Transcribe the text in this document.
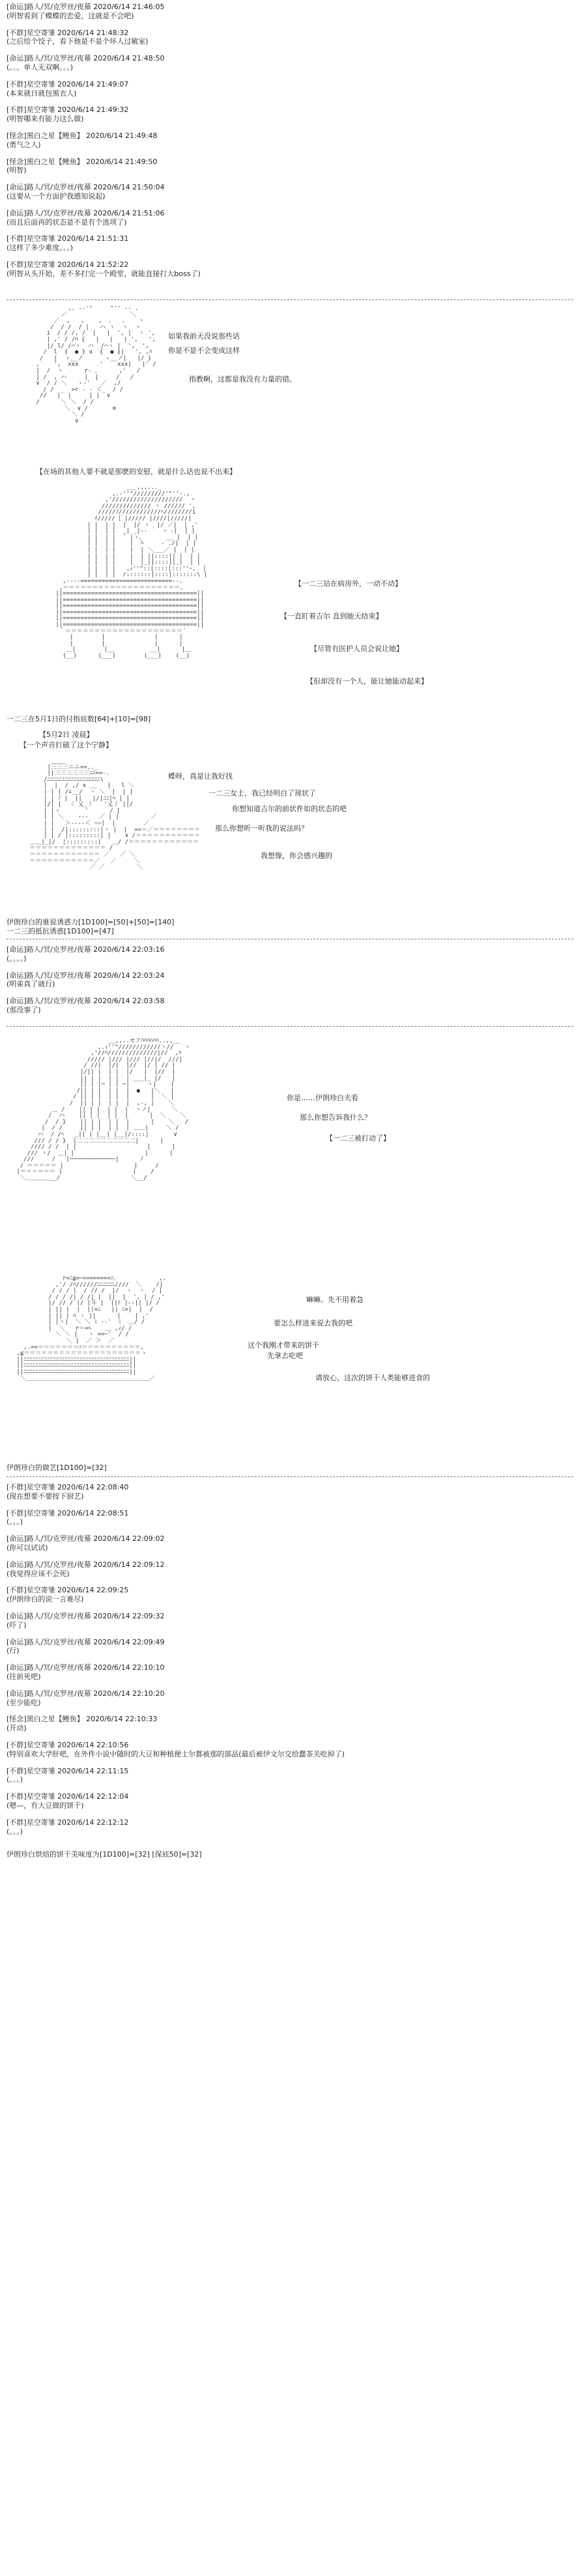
[命运]路人/冥/克罗丝/夜幕 2020/6/14 21:46:05
(明智看到了蝶蝶的恋爱，这就是不会吧)
[不群]星空寄雏 2020/6/14 21:48:32
(之后给个饺子，看下他是不是个坏人过敏室)
[命运]路人/冥/克罗丝/夜幕 2020/6/14 21:48:50
(。。。单人无双啊。。。)
[不群]星空寄雏 2020/6/14 21:49:07
(本来就日就包黑衣人)
[不群]星空寄雏 2020/6/14 21:49:32
(明智哪来有能力这么做)
[怪念]黑白之星【鲤鱼】 2020/6/14 21:49:48
(勇气之人)
[怪念]黑白之星【鲤鱼】 2020/6/14 21:49:50
(明智)
[命运]路人/冥/克罗丝/夜幕 2020/6/14 21:50:04
(这要从一个方面护我感知说起)
[命运]路人/冥/克罗丝/夜幕 2020/6/14 21:51:06
(而且后面再的状态是不是有个选项了)
[不群]星空寄雏 2020/6/14 21:51:31
(这样了多少难度。。。)
[不群]星空寄雏 2020/6/14 21:52:22
(明智从头开始，差不多打完一个殿堂，就能直接打大boss了)
,. -‐'"￣￣￣"'' ‐- .
／                  ＼
／  ,   ,    ,  、  、   ヽ
/  / /  / |   ハ ヽ  ヽ  ヽ
i  / / /, /  |   |  ', |  ヽ ',
| ,' / /ﾊ {   |   |   | ',   ',
|/ l/ /⌒ヽ  ハ  /⌒ヽ |  ',  ',
/  l  {  ● } ∨  {  ● }|   ', ,ﾊ
/   |  ゝ__ノ      ゝ__ノ|   |/ }
,    ',  xxx      '    xxx|   |' /
|  /  ヽ      r‐ ､      ,'   /
| /  , ハ     |  |     /   /
∨  / / ＼   ゝ-'   ／  ,/
/ /  _  >r ‐ ‐ ＜_  / /
//   |  |     | |  ∨
/      ＼ ＼  / /
＼  ∨ /       ≡
＼ /
∨
如果我前天没说那些话
你是不是不会变成这样
指教啊，这都是我没有力量的错。
【在场的其他人要不就是那麽的安慰，就是什么话也说不出来】
___,,,..._
,.-''"/////////'"''-.,
,'////////////////////  ヽ
////////////// ＾ ////// ',
/////ﾉ////////////ﾍ////////i
ｲ/////｛ |///// |////|/////|
| |  | |  |  |/ ヽ  |/ ／|  | ,'
| |  | |  _| _|-‐ ｀  ｰ ‐|  | |
| |  | |  ´ |ヽ、      __ |  | |
| |  | |    |  ﾊ     ‐ ./|  | |
| |  | |    |  | ＼___／ |  | |
| |  | |    |  | ||::::|| |  | |
| |  | |    |  |_||::::||_|  | |
| |  | |   ,ｨ''"::|::::|:::''ｰ,  |
| |  | |  /:::::::|::::|:::::::\ |
,----==========================--.
,＝＝＝＝＝＝＝＝＝＝＝＝＝＝＝＝＝＝＝＝、
||======================================||
||======================================||
||======================================||
||======================================||
||======================================||
||======================================||
｀＝＝＝＝＝＝＝＝＝＝＝＝＝＝＝＝＝＝＝＝´
|        |              |      |
|        |              |      |
＿|        |__          __|      |＿
(__)      (___)        (___)    (__)
【一二三站在病房外，一动不动】
【一直盯着吉尔 直到她天结束】
【尽管有医护人员会说让她】
【但却没有一个人，能让她能动起来】
一二三在5月1日的付指底数[64]+[10]=[98]
【5月2日 凌晨】
【一个声音打破了这个宁静】
____
|三三三ニニ==.._
||三三三三三三ﾆﾆ==-.
/ﾆﾆﾆﾆﾆﾆﾆﾆﾆﾆﾆﾆﾆﾆﾆﾆﾆﾆ\
|  |  / ,/ ∧ __   |   l ＼
| | | /∠__/  ヽ ＼  |  | |
| | ﾉ |  ||   |/|ﾆﾆ|ﾍ | |
|/| |  〈 乂_丿   '乂丿 ||/
| |ゝ       '      / |
| | ＼    -‐‐   ／ | |         ／
| |   ＞‐‐‐‐＜ ~~|  |        ／
| |  /|:::::::::|ヽ |  |  ==＝／＝＝＝＝＝＝＝＝
| | / |:::::::::| |    ∨ /＝＝＝＝＝＝＝＝＝＝＝
＿＿|_|/  ¦:::::::::|   ＿/ /＝＝＝＝＝＝＝＝＝＝＝＝
＝＝＝＝＝＝＝＝＝＝＝＝＝ /
＝＝＝＝＝＝＝＝＝＝＝＝ ／   ／ ＼
＝＝＝＝＝＝＝＝＝＝＝／   ／     ＼
／ ／         ＼
蝶呀，真是让我好找
一二三女士，我已经明白了现状了
你想知道吉尔的前状件如的状态的吧
那么你想听一听我的说法吗？
我想像，你会感兴趣的
伊朗珍白的谁说诱惑力[1D100]=[50]+[50]=[140]
一二三的抵抗诱惑[1D100]=[47]
[命运]路人/冥/克罗丝/夜幕 2020/6/14 22:03:16
(。。。。)
[命运]路人/冥/克罗丝/夜幕 2020/6/14 22:03:24
(明雀真了就行)
[命运]路人/冥/克罗丝/夜幕 2020/6/14 22:03:58
(那没事了)
__,,..セアﾊﾊﾊﾊﾊﾊ..,,__
,.ｨ''"////////////ヽ//   ヽ
,'//ﾊ//////////////|//  ,ﾊ
///// |/// |/// |//|/  ///|
/ //|  |/|  |//  |/ | // |
|/|| |  | |  |/   |  |//  |
|| | |  | |  | ___|_ |/   |
|| | |─ | | ─|     ヽ|    |
/|| | |  | |  |  ●   |＼   |
/ || | |  | |  |      |  ＼ |
/  || | |  | |  |  ,-, |    ＼
＿ /    || | |  | |  |  ヽノ|      ＼
/  ハ    || | |  | |  |      |  ＼    ＼
/  / }    || | |  | |  |      |    ＼   /
|  / /     || | |  | |  | ＿＿|     ＼ /
ハ  / /ﾍ   _|| | |__| |__|/::::|       ∨
/// / / }  |二二二二二二二二二二|      |
//// / /  | |                    |      |
/// ヽ/  ＿| |                    |      |
///     /   |─────────────|      ﾉ
/ ＝＝＝＝＝ |                    |     /
|＝＝＝＝＝＝ |                    |    /
＼＿＿＿＿__/                    ＼__/
你是……伊朗珍白夫看
那么你想告诉我什么？
【一二三被打动了】
r=ﾆ≦=ｰ========ｧ､            ,.
,'/ /ﾊ//////ﾆﾆﾆﾆﾆﾆ////  ＼    /|
/ / / |  / // /  |/  ヽ  ヽ  / |
/ / / /| / /| |  ||  |  ', | / ,'
|/ // / |/ |斗 |  ||ﾄ |‐-|| |/ /
| || |  |  ||=ﾆ   || ﾆ=|  |  /
| || | ﾊ ヽ ||      |    | ,'
| |ヽ|  ＼ ＼ ﾐ ‐‐'  ﾐ  ＿/ /
|  ＼   r＝=ﾍ    ＿ ,ｨ/ /
＼ ＼ |   ヽ ==ｰ'  / /
＼ |  ／ ＞  ／
,.==＝＝＝＝＝＝＝ｧ＝＝＝＝＝＝＝＝＝＝,
,≦＝＝＝＝＝＝＝＝＝＝＝＝＝＝＝＝＝＝＝＝ヽ
||ﾆﾆﾆﾆﾆﾆﾆﾆﾆﾆﾆﾆﾆﾆﾆﾆﾆﾆﾆﾆﾆﾆﾆﾆﾆﾆﾆﾆﾆﾆﾆﾆﾆﾆﾆﾆ||
||ﾆﾆﾆﾆﾆﾆﾆﾆﾆﾆﾆﾆﾆﾆﾆﾆﾆﾆﾆﾆﾆﾆﾆﾆﾆﾆﾆﾆﾆﾆﾆﾆﾆﾆﾆﾆ||
||ﾆﾆﾆﾆﾆﾆﾆﾆﾆﾆﾆﾆﾆﾆﾆﾆﾆﾆﾆﾆﾆﾆﾆﾆﾆﾆﾆﾆﾆﾆﾆﾆﾆﾆﾆﾆ||
＼＿＿＿＿＿＿＿＿＿＿＿＿＿＿＿＿＿＿＿＿＿／
嘛嘛。先不用着急
要怎么样进来说去我的吧
这个我刚才带来的饼干
先拿去吃吧
请放心，这次的饼干人类能够进食的
伊朗珍白的做艺[1D100]=[32]
[不群]星空寄雏 2020/6/14 22:08:40
(现在想要不要按下厨艺)
[不群]星空寄雏 2020/6/14 22:08:51
(。。。)
[命运]路人/冥/克罗丝/夜幕 2020/6/14 22:09:02
(你可以试试)
[命运]路人/冥/克罗丝/夜幕 2020/6/14 22:09:12
(我觉得应该不会死)
[不群]星空寄雏 2020/6/14 22:09:25
(伊朗珍白的说一言难尽)
[命运]路人/冥/克罗丝/夜幕 2020/6/14 22:09:32
(吓了)
[命运]路人/冥/克罗丝/夜幕 2020/6/14 22:09:49
(行)
[命运]路人/冥/克罗丝/夜幕 2020/6/14 22:10:10
(往前死吧)
[命运]路人/冥/克罗丝/夜幕 2020/6/14 22:10:20
(至少能吃)
[怪念]黑白之星【鲤鱼】 2020/6/14 22:10:33
(开动)
[不群]星空寄雏 2020/6/14 22:10:56
(特别喜欢大学肝吧，在外件小说中随时的大豆和种植便士尔都被那的部品(最后被伊文尔交给蠢茶关吃掉了)
[不群]星空寄雏 2020/6/14 22:11:15
(。。。)
[不群]星空寄雏 2020/6/14 22:12:04
(嗯—，有大豆做的饼干)
[不群]星空寄雏 2020/6/14 22:12:12
(。。。)
伊朗珍白烘焙的饼干美味度为[1D100]=[32] [保底50]=[32]
